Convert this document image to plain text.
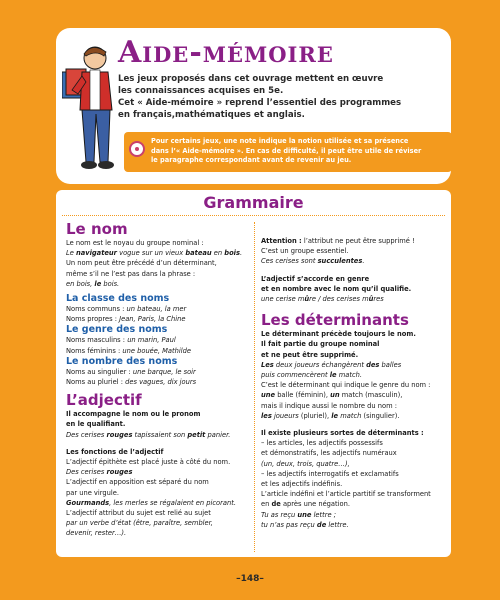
Aide-mémoire

Les jeux proposés dans cet ouvrage mettent en œuvre

les connaissances acquises en 5e.

Cet « Aide-mémoire » reprend l’essentiel des programmes

en français,mathématiques et anglais.

Pour certains jeux, une note indique la notion utilisée et sa présence
dans l’« Aide-mémoire ». En cas de difficulté, il peut être utile de réviser
le paragraphe correspondant avant de revenir au jeu.
Grammaire

Le nom

Le nom est le noyau du groupe nominal :

Le navigateur vogue sur un vieux bateau en bois.

Un nom peut être précédé d’un déterminant,

même s’il ne l’est pas dans la phrase :

en bois, le bois.

La classe des noms

Noms communs : un bateau, la mer

Noms propres : Jean, Paris, la Chine

Le genre des noms

Noms masculins : un marin, Paul

Noms féminins : une bouée, Mathilde

Le nombre des noms

Noms au singulier : une barque, le soir

Noms au pluriel : des vagues, dix jours

L’adjectif

Il accompagne le nom ou le pronom

en le qualifiant.

Des cerises rouges tapissaient son petit panier.

Les fonctions de l’adjectif

L’adjectif épithète est placé juste à côté du nom.

Des cerises rouges

L’adjectif en apposition est séparé du nom

par une virgule.

Gourmands, les merles se régalaient en picorant.

L’adjectif attribut du sujet est relié au sujet

par un verbe d’état (être, paraître, sembler,

devenir, rester…).

Attention : l’attribut ne peut être supprimé !

C’est un groupe essentiel.

Ces cerises sont succulentes.

L’adjectif s’accorde en genre

et en nombre avec le nom qu’il qualifie.

une cerise mûre / des cerises mûres

Les déterminants

Le déterminant précède toujours le nom.

Il fait partie du groupe nominal

et ne peut être supprimé.

Les deux joueurs échangèrent des balles

puis commencèrent le match.

C’est le déterminant qui indique le genre du nom :

une balle (féminin), un match (masculin),

mais il indique aussi le nombre du nom :

les joueurs (pluriel), le match (singulier).

Il existe plusieurs sortes de déterminants :

– les articles, les adjectifs possessifs

et démonstratifs, les adjectifs numéraux

(un, deux, trois, quatre…),

– les adjectifs interrogatifs et exclamatifs

et les adjectifs indéfinis.

L’article indéfini et l’article partitif se transforment

en de après une négation.

Tu as reçu une lettre ;

tu n’as pas reçu de lettre.

–148–
